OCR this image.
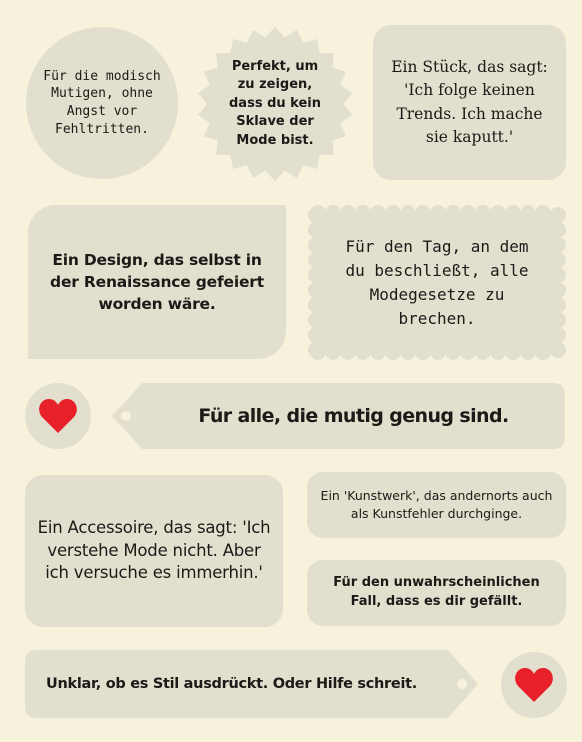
Für die modisch Mutigen, ohne Angst vor Fehltritten.
Perfekt, um zu zeigen, dass du kein Sklave der Mode bist.
Ein Stück, das sagt: 'Ich folge keinen Trends. Ich mache sie kaputt.'
Ein Design, das selbst in der Renaissance gefeiert worden wäre.
Für den Tag, an dem du beschließt, alle Modegesetze zu brechen.
Für alle, die mutig genug sind.
Ein Accessoire, das sagt: 'Ich verstehe Mode nicht. Aber ich versuche es immerhin.'
Ein 'Kunstwerk', das andernorts auch als Kunstfehler durchginge.
Für den unwahrscheinlichen Fall, dass es dir gefällt.
Unklar, ob es Stil ausdrückt. Oder Hilfe schreit.
